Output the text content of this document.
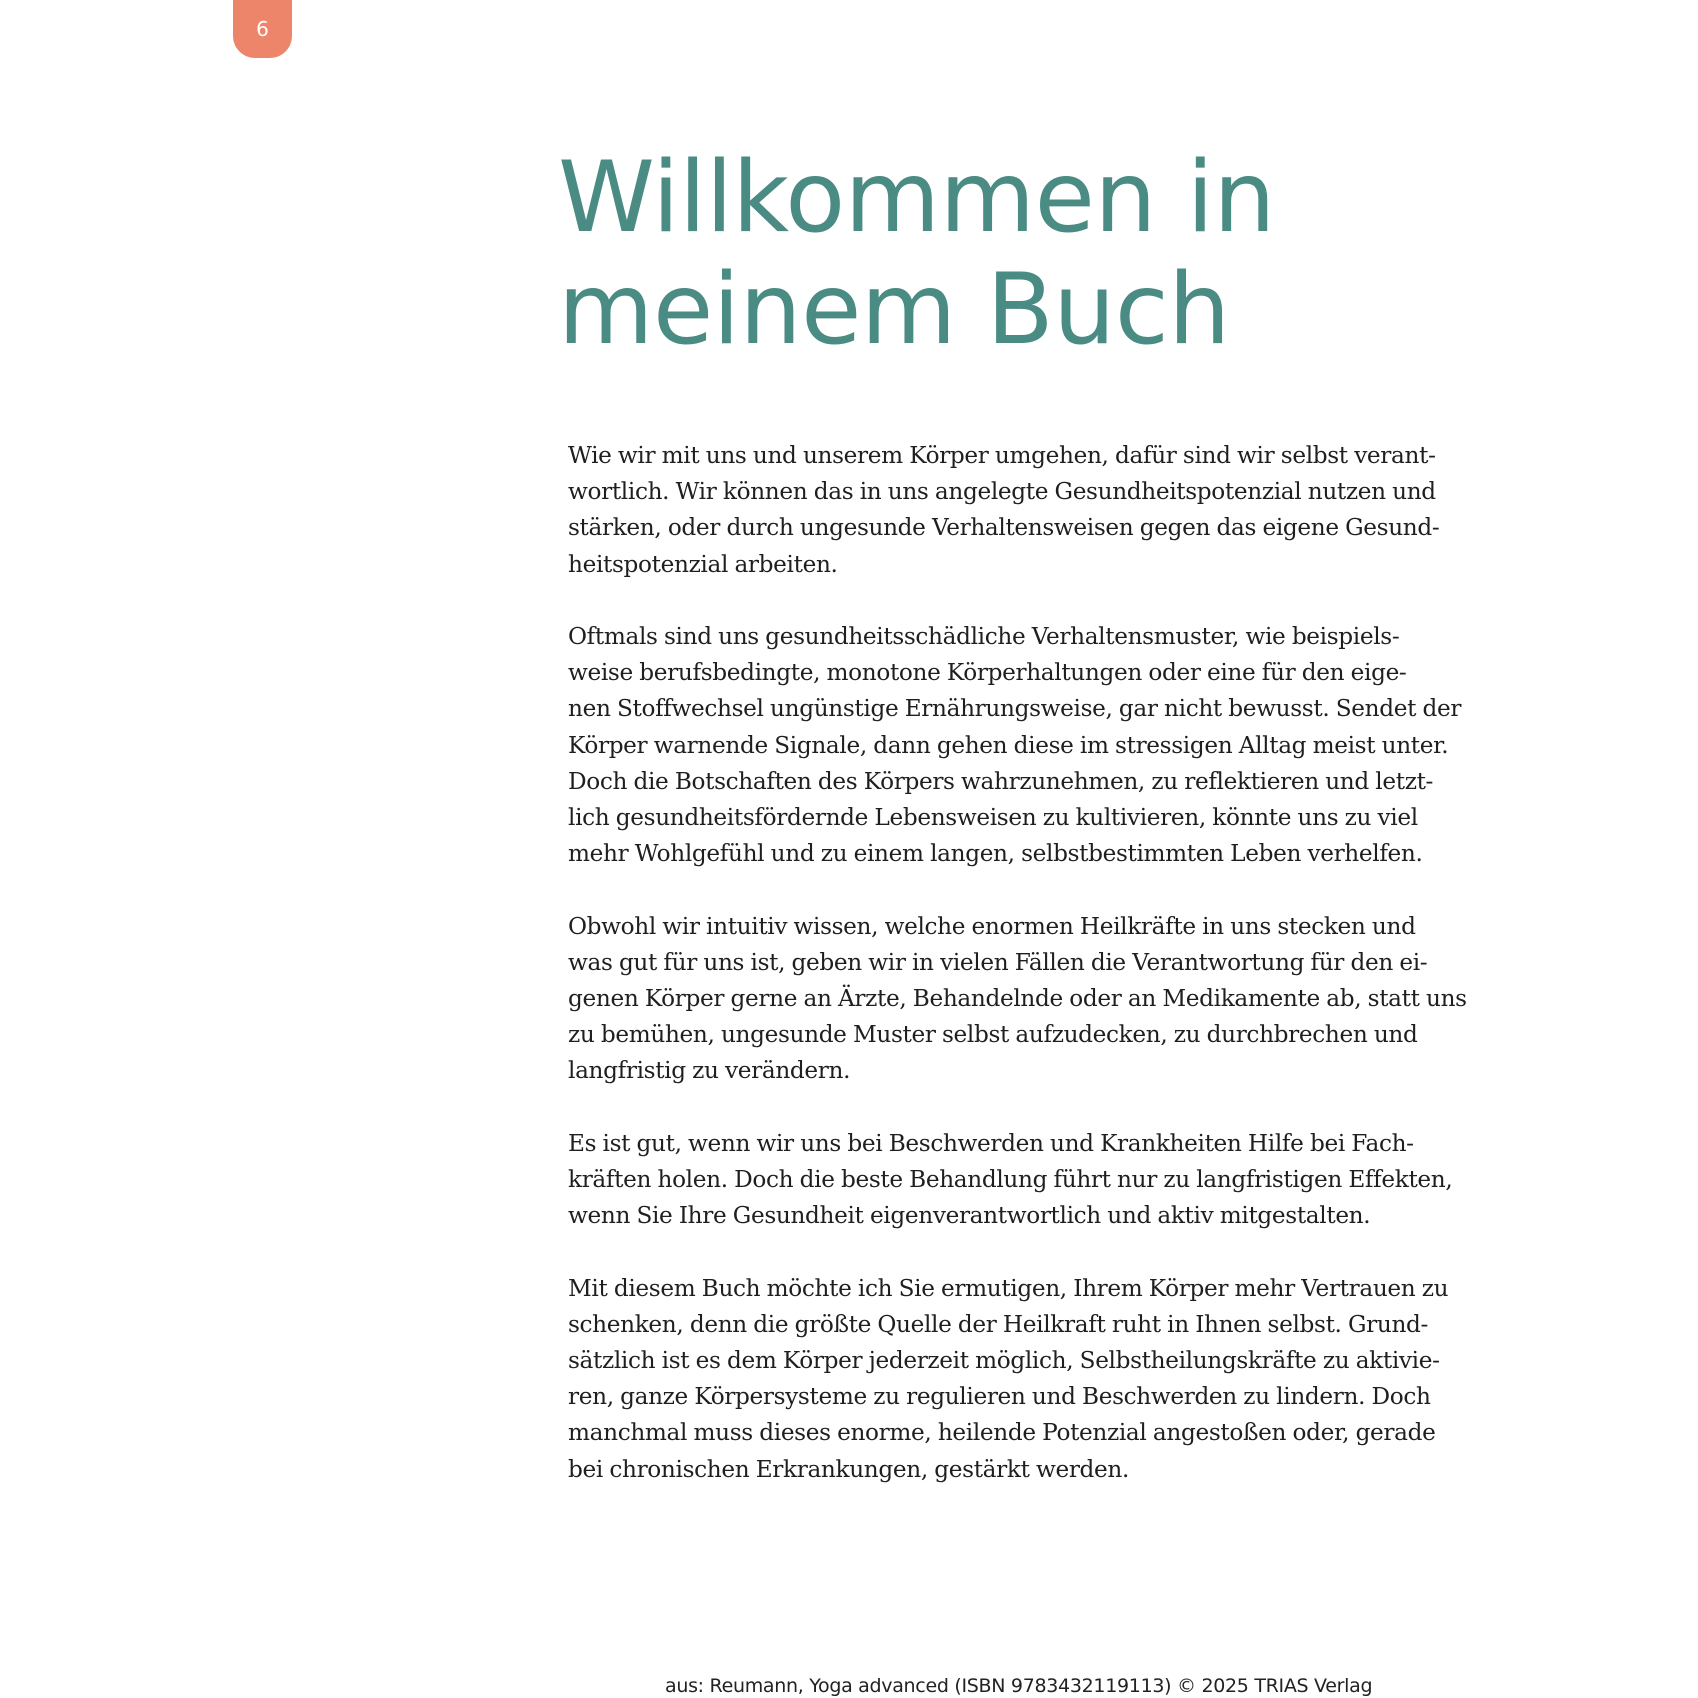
6
Willkommen in
meinem Buch

Wie wir mit uns und unserem Körper umgehen, dafür sind wir selbst verant-
wortlich. Wir können das in uns angelegte Gesundheitspotenzial nutzen und
stärken, oder durch ungesunde Verhaltensweisen gegen das eigene Gesund-
heitspotenzial arbeiten.

Oftmals sind uns gesundheitsschädliche Verhaltensmuster, wie beispiels-
weise berufsbedingte, monotone Körperhaltungen oder eine für den eige-
nen Stoffwechsel ungünstige Ernährungsweise, gar nicht bewusst. Sendet der
Körper warnende Signale, dann gehen diese im stressigen Alltag meist unter.
Doch die Botschaften des Körpers wahrzunehmen, zu reflektieren und letzt-
lich gesundheitsfördernde Lebensweisen zu kultivieren, könnte uns zu viel
mehr Wohlgefühl und zu einem langen, selbstbestimmten Leben verhelfen.

Obwohl wir intuitiv wissen, welche enormen Heilkräfte in uns stecken und
was gut für uns ist, geben wir in vielen Fällen die Verantwortung für den ei-
genen Körper gerne an Ärzte, Behandelnde oder an Medikamente ab, statt uns
zu bemühen, ungesunde Muster selbst aufzudecken, zu durchbrechen und
langfristig zu verändern.

Es ist gut, wenn wir uns bei Beschwerden und Krankheiten Hilfe bei Fach-
kräften holen. Doch die beste Behandlung führt nur zu langfristigen Effekten,
wenn Sie Ihre Gesundheit eigenverantwortlich und aktiv mitgestalten.

Mit diesem Buch möchte ich Sie ermutigen, Ihrem Körper mehr Vertrauen zu
schenken, denn die größte Quelle der Heilkraft ruht in Ihnen selbst. Grund-
sätzlich ist es dem Körper jederzeit möglich, Selbstheilungskräfte zu aktivie-
ren, ganze Körpersysteme zu regulieren und Beschwerden zu lindern. Doch
manchmal muss dieses enorme, heilende Potenzial angestoßen oder, gerade
bei chronischen Erkrankungen, gestärkt werden.

aus: Reumann, Yoga advanced (ISBN 9783432119113) © 2025 TRIAS Verlag
